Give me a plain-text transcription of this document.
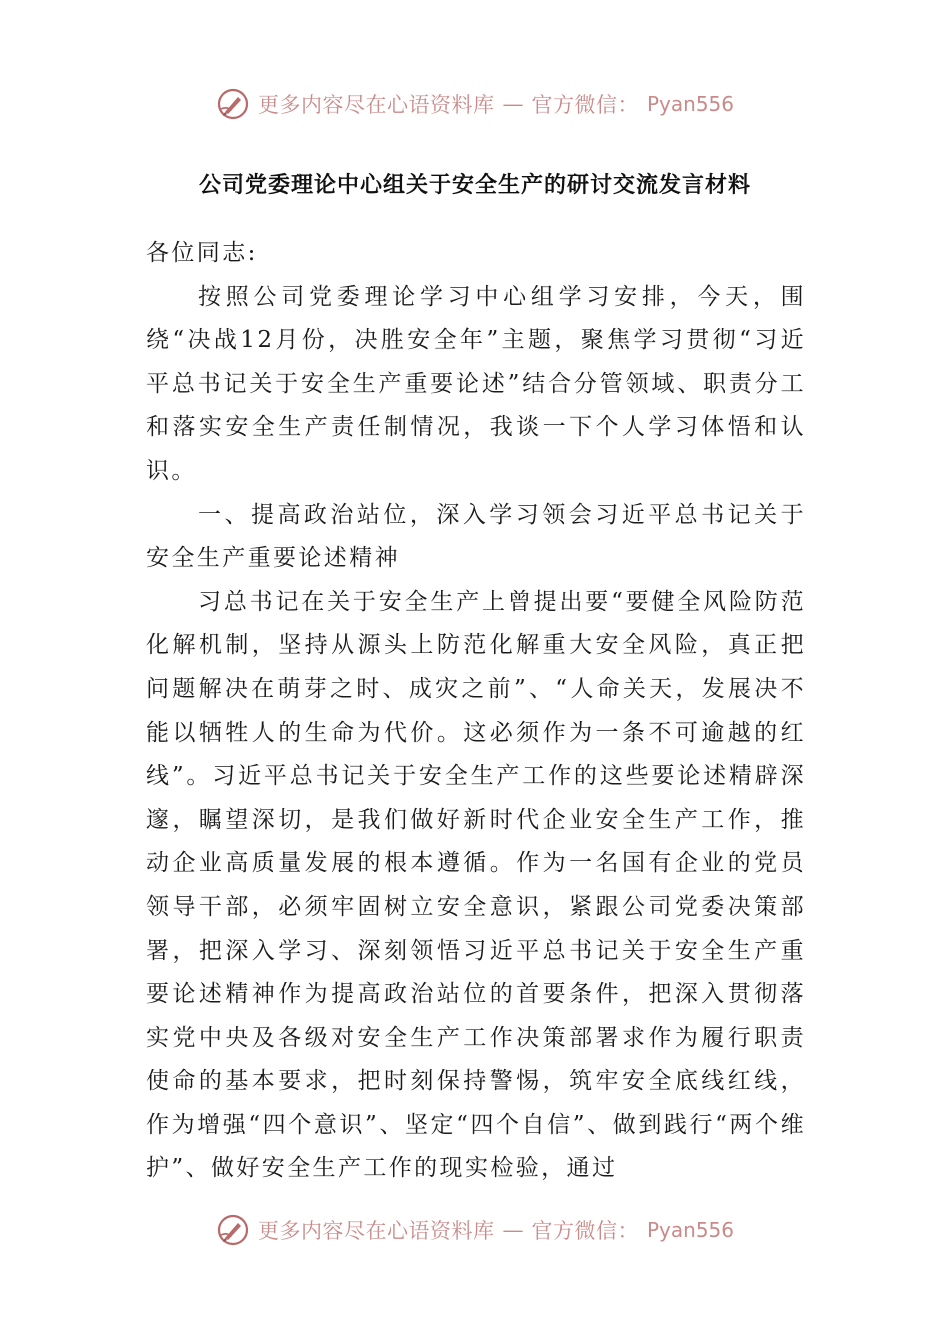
更多内容尽在心语资料库 — 官方微信： Pyan556
公司党委理论中心组关于安全生产的研讨交流发言材料

各位同志:

按照公司党委理论学习中心组学习安排，今天，围绕“决战12月份，决胜安全年”主题，聚焦学习贯彻“习近平总书记关于安全生产重要论述”结合分管领域、职责分工和落实安全生产责任制情况，我谈一下个人学习体悟和认识。

一、提高政治站位，深入学习领会习近平总书记关于安全生产重要论述精神

习总书记在关于安全生产上曾提出要“要健全风险防范化解机制，坚持从源头上防范化解重大安全风险，真正把问题解决在萌芽之时、成灾之前”、“人命关天，发展决不能以牺牲人的生命为代价。这必须作为一条不可逾越的红线”。习近平总书记关于安全生产工作的这些要论述精辟深邃，瞩望深切，是我们做好新时代企业安全生产工作，推动企业高质量发展的根本遵循。作为一名国有企业的党员领导干部，必须牢固树立安全意识，紧跟公司党委决策部署，把深入学习、深刻领悟习近平总书记关于安全生产重要论述精神作为提高政治站位的首要条件，把深入贯彻落实党中央及各级对安全生产工作决策部署求作为履行职责使命的基本要求，把时刻保持警惕，筑牢安全底线红线，作为增强“四个意识”、坚定“四个自信”、做到践行“两个维护”、做好安全生产工作的现实检验，通过

更多内容尽在心语资料库 — 官方微信： Pyan556
